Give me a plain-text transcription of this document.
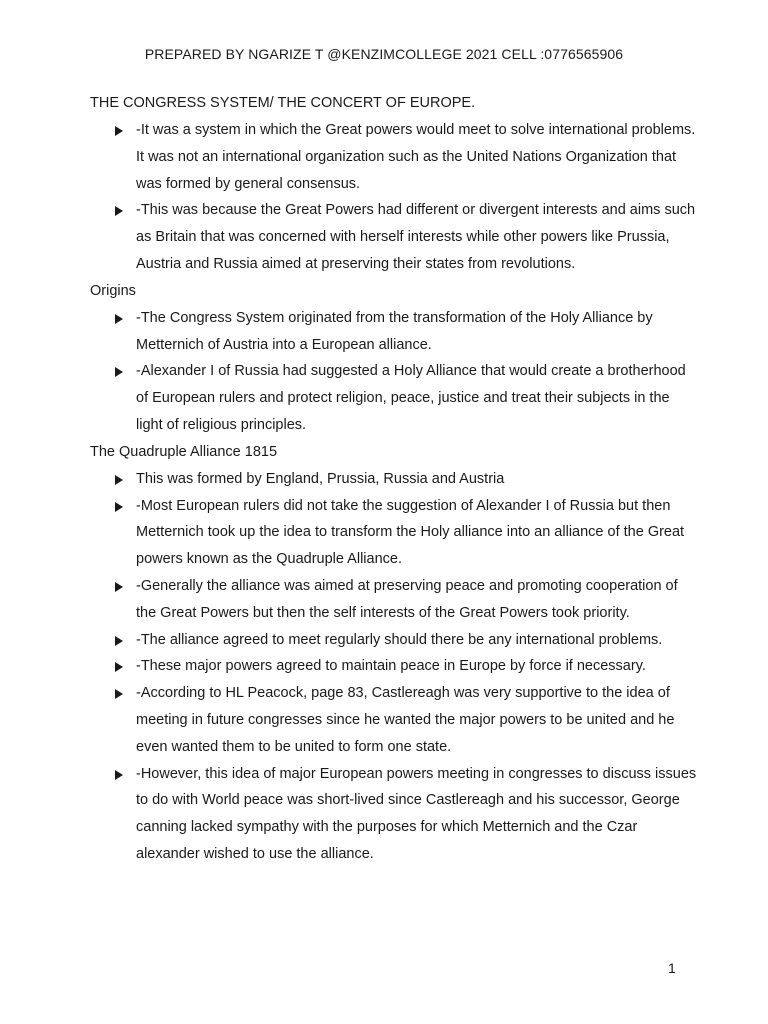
PREPARED BY NGARIZE T @KENZIMCOLLEGE 2021 CELL :0776565906
THE CONGRESS SYSTEM/ THE CONCERT OF EUROPE.
-It was a system in which the Great powers would meet to solve international problems. It was not an international organization such as the United Nations Organization that was formed by general consensus.
-This was because the Great Powers had different or divergent interests and aims such as Britain that was concerned with herself interests while other powers like Prussia, Austria and Russia aimed at preserving their states from revolutions.
Origins
-The Congress System originated from the transformation of the Holy Alliance by Metternich of Austria into a European alliance.
-Alexander I of Russia had suggested a Holy Alliance that would create a brotherhood of European rulers and protect religion, peace, justice and treat their subjects in the light of religious principles.
The Quadruple Alliance 1815
This was formed by England, Prussia, Russia and Austria
-Most European rulers did not take the suggestion of Alexander I of Russia but then Metternich took up the idea to transform the Holy alliance into an alliance of the Great powers known as the Quadruple Alliance.
-Generally the alliance was aimed at preserving peace and promoting cooperation of the Great Powers but then the self interests of the Great Powers took priority.
-The alliance agreed to meet regularly should there be any international problems.
-These major powers agreed to maintain peace in Europe by force if necessary.
-According to HL Peacock, page 83, Castlereagh was very supportive to the idea of meeting in future congresses since he wanted the major powers to be united and he even wanted them to be united to form one state.
-However, this idea of major European powers meeting in congresses to discuss issues to do with World peace was short-lived since Castlereagh and his successor, George canning lacked sympathy with the purposes for which Metternich and the Czar alexander wished to use the alliance.
1
